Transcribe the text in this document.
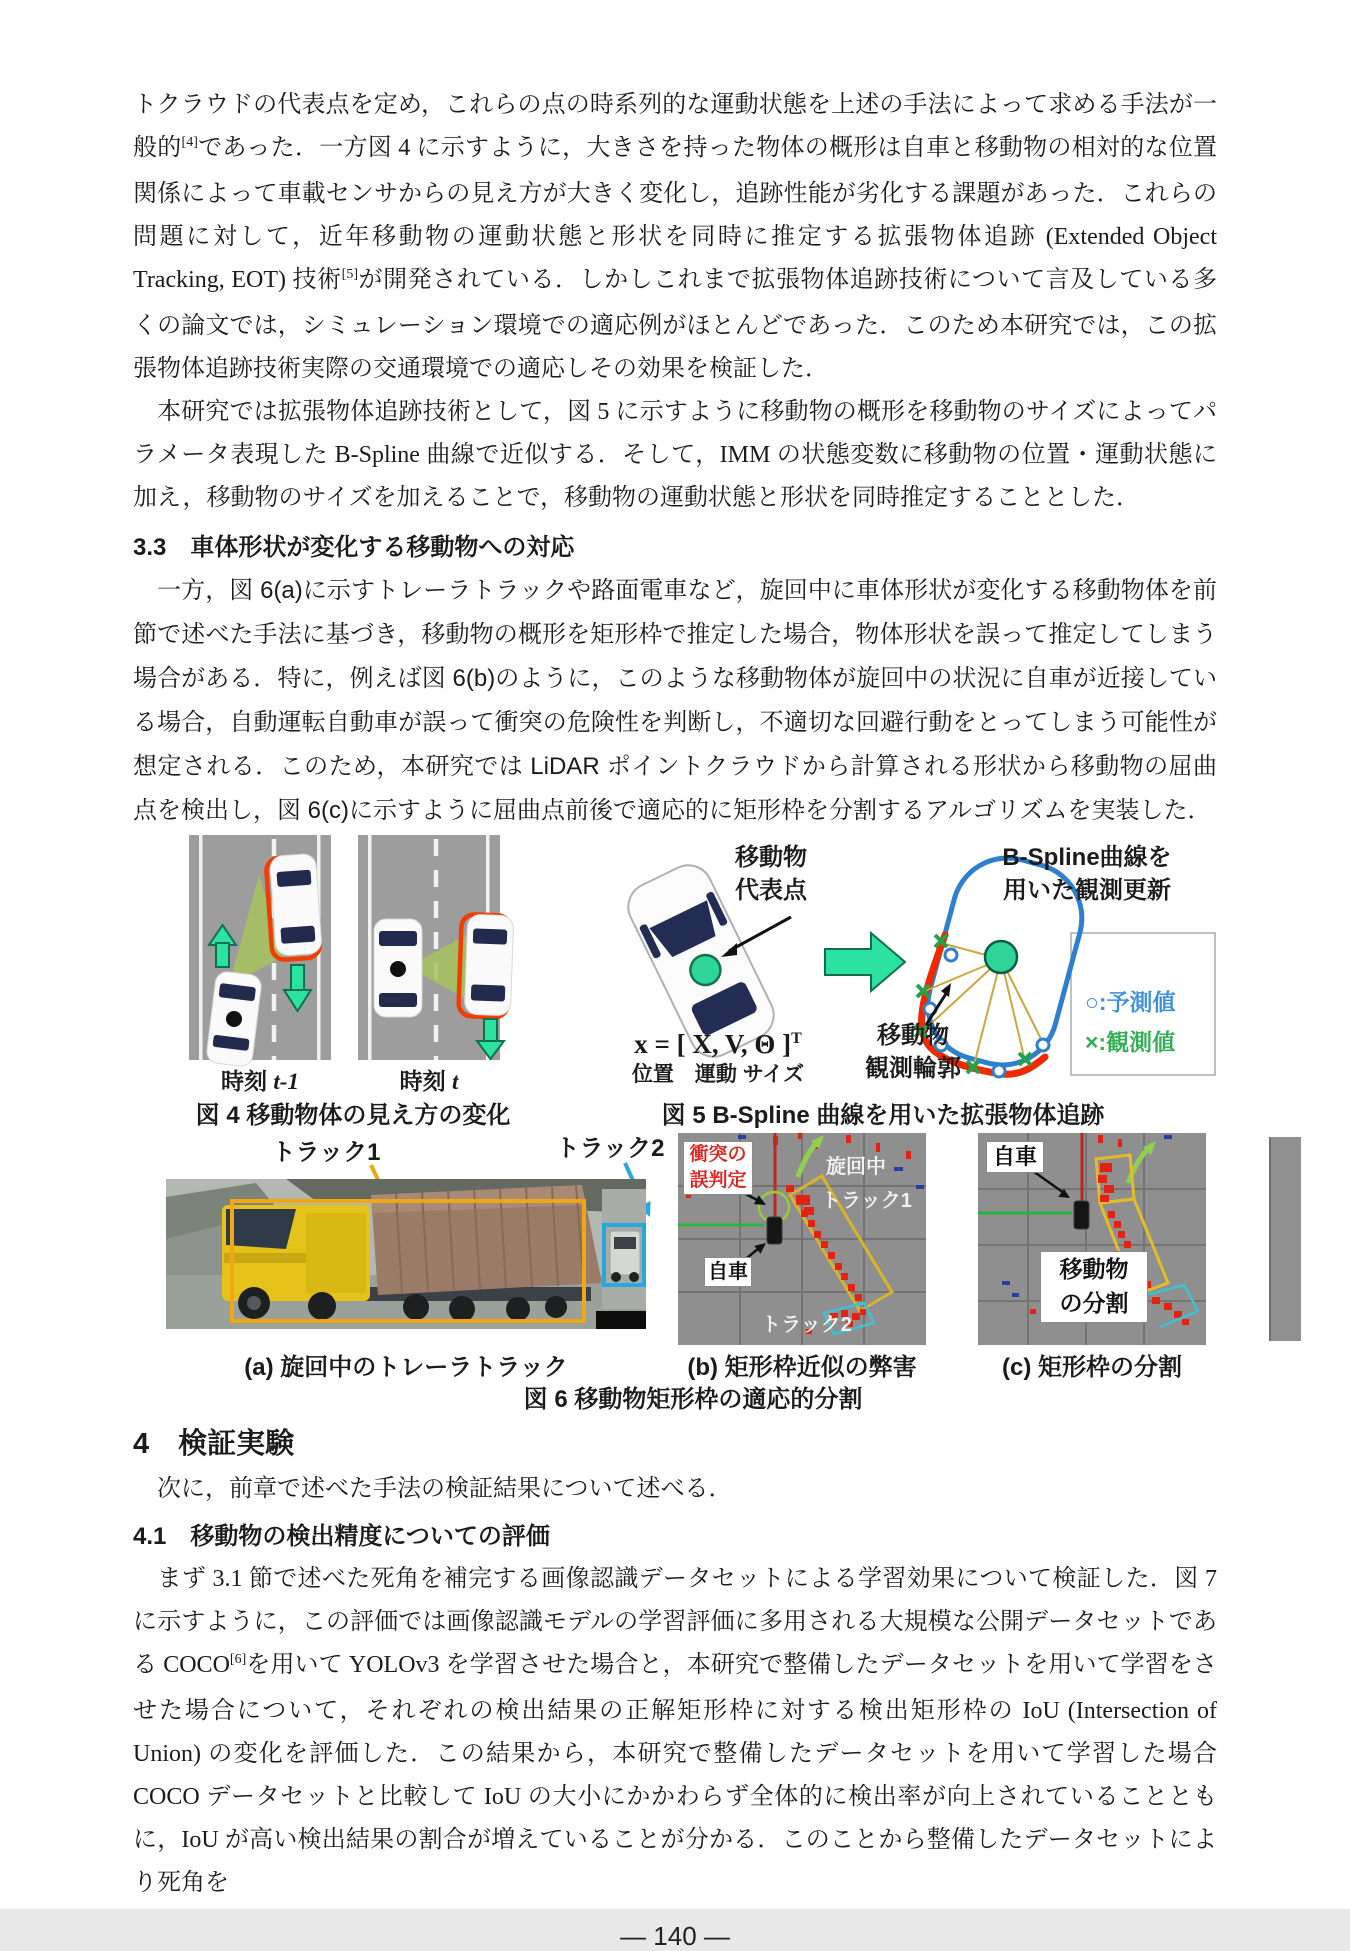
トクラウドの代表点を定め，これらの点の時系列的な運動状態を上述の手法によって求める手法が一般的[4]であった．一方図 4 に示すように，大きさを持った物体の概形は自車と移動物の相対的な位置関係によって車載センサからの見え方が大きく変化し，追跡性能が劣化する課題があった．これらの問題に対して，近年移動物の運動状態と形状を同時に推定する拡張物体追跡 (Extended Object Tracking, EOT) 技術[5]が開発されている．しかしこれまで拡張物体追跡技術について言及している多くの論文では，シミュレーション環境での適応例がほとんどであった．このため本研究では，この拡張物体追跡技術実際の交通環境での適応しその効果を検証した．

　本研究では拡張物体追跡技術として，図 5 に示すように移動物の概形を移動物のサイズによってパラメータ表現した B-Spline 曲線で近似する．そして，IMM の状態変数に移動物の位置・運動状態に加え，移動物のサイズを加えることで，移動物の運動状態と形状を同時推定することとした．

3.3　車体形状が変化する移動物への対応

　一方，図 6(a)に示すトレーラトラックや路面電車など，旋回中に車体形状が変化する移動物体を前節で述べた手法に基づき，移動物の概形を矩形枠で推定した場合，物体形状を誤って推定してしまう場合がある．特に，例えば図 6(b)のように，このような移動物体が旋回中の状況に自車が近接している場合，自動運転自動車が誤って衝突の危険性を判断し，不適切な回避行動をとってしまう可能性が想定される．このため，本研究では LiDAR ポイントクラウドから計算される形状から移動物の屈曲点を検出し，図 6(c)に示すように屈曲点前後で適応的に矩形枠を分割するアルゴリズムを実装した．

時刻 t-1	時刻 t
図 4 移動物体の見え方の変化
移動物
代表点
B-Spline曲線を
用いた観測更新
移動物
観測輪郭
x = [ X, V, Θ ]$^T$
位置　運動 サイズ
○:予測値
×:観測値
図 5 B-Spline 曲線を用いた拡張物体追跡
トラック1	トラック2	衝突の
誤判定
自車
旋回中
トラック1
トラック2
自車
移動物
の分割
(a) 旋回中のトレーラトラック	(b) 矩形枠近似の弊害	(c) 矩形枠の分割
図 6 移動物矩形枠の適応的分割
4　検証実験

　次に，前章で述べた手法の検証結果について述べる．

4.1　移動物の検出精度についての評価

　まず 3.1 節で述べた死角を補完する画像認識データセットによる学習効果について検証した．図 7 に示すように，この評価では画像認識モデルの学習評価に多用される大規模な公開データセットである COCO[6]を用いて YOLOv3 を学習させた場合と，本研究で整備したデータセットを用いて学習をさせた場合について，それぞれの検出結果の正解矩形枠に対する検出矩形枠の IoU (Intersection of Union) の変化を評価した．この結果から，本研究で整備したデータセットを用いて学習した場合 COCO データセットと比較して IoU の大小にかかわらず全体的に検出率が向上されていることともに，IoU が高い検出結果の割合が増えていることが分かる．このことから整備したデータセットにより死角を

— 140 —
